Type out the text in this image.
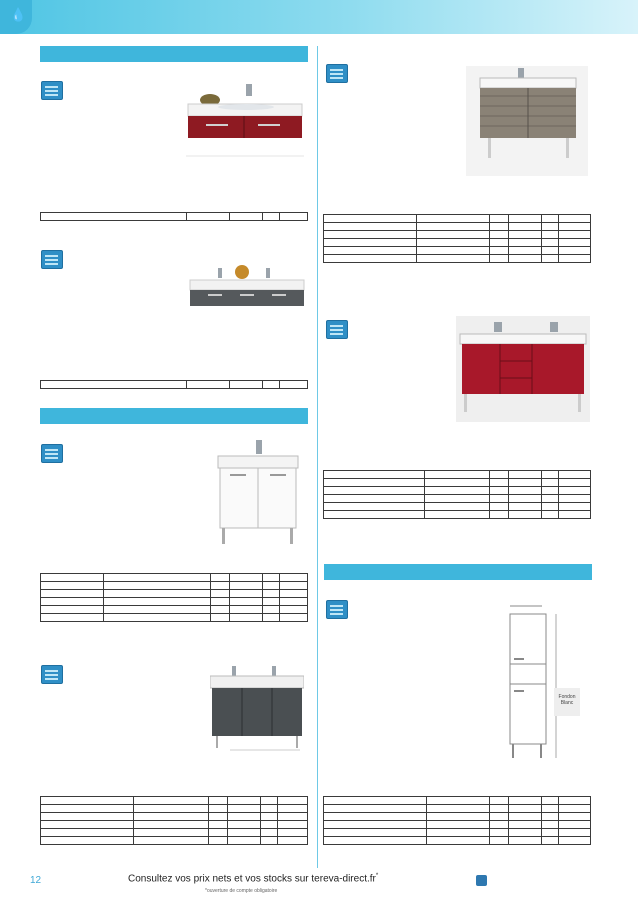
💧
Fondon Blanc

12	Consultez vos prix nets et vos stocks sur tereva-direct.fr*
*ouverture de compte obligatoire
